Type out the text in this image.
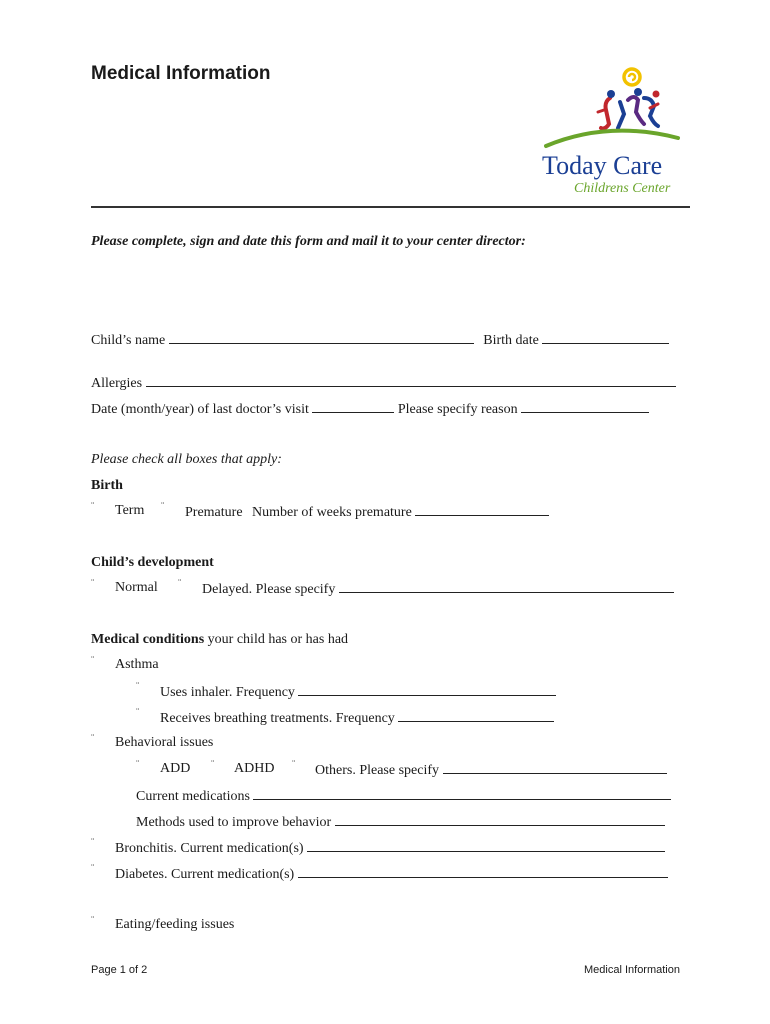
Medical Information
Today Care
Childrens Center
Please complete, sign and date this form and mail it to your center director:
Child’s name	Birth date
Allergies
Date (month/year) of last doctor’s visit	Please specify reason
Please check all boxes that apply:
Birth
¨ Term ¨ Premature Number of weeks premature
Child’s development
¨ Normal ¨ Delayed. Please specify
Medical conditions your child has or has had
¨ Asthma
¨ Uses inhaler. Frequency
¨ Receives breathing treatments. Frequency
¨ Behavioral issues
¨ ADD ¨ ADHD ¨ Others. Please specify
Current medications
Methods used to improve behavior
¨ Bronchitis. Current medication(s)
¨ Diabetes. Current medication(s)
¨ Eating/feeding issues
Page 1 of 2	Medical Information
